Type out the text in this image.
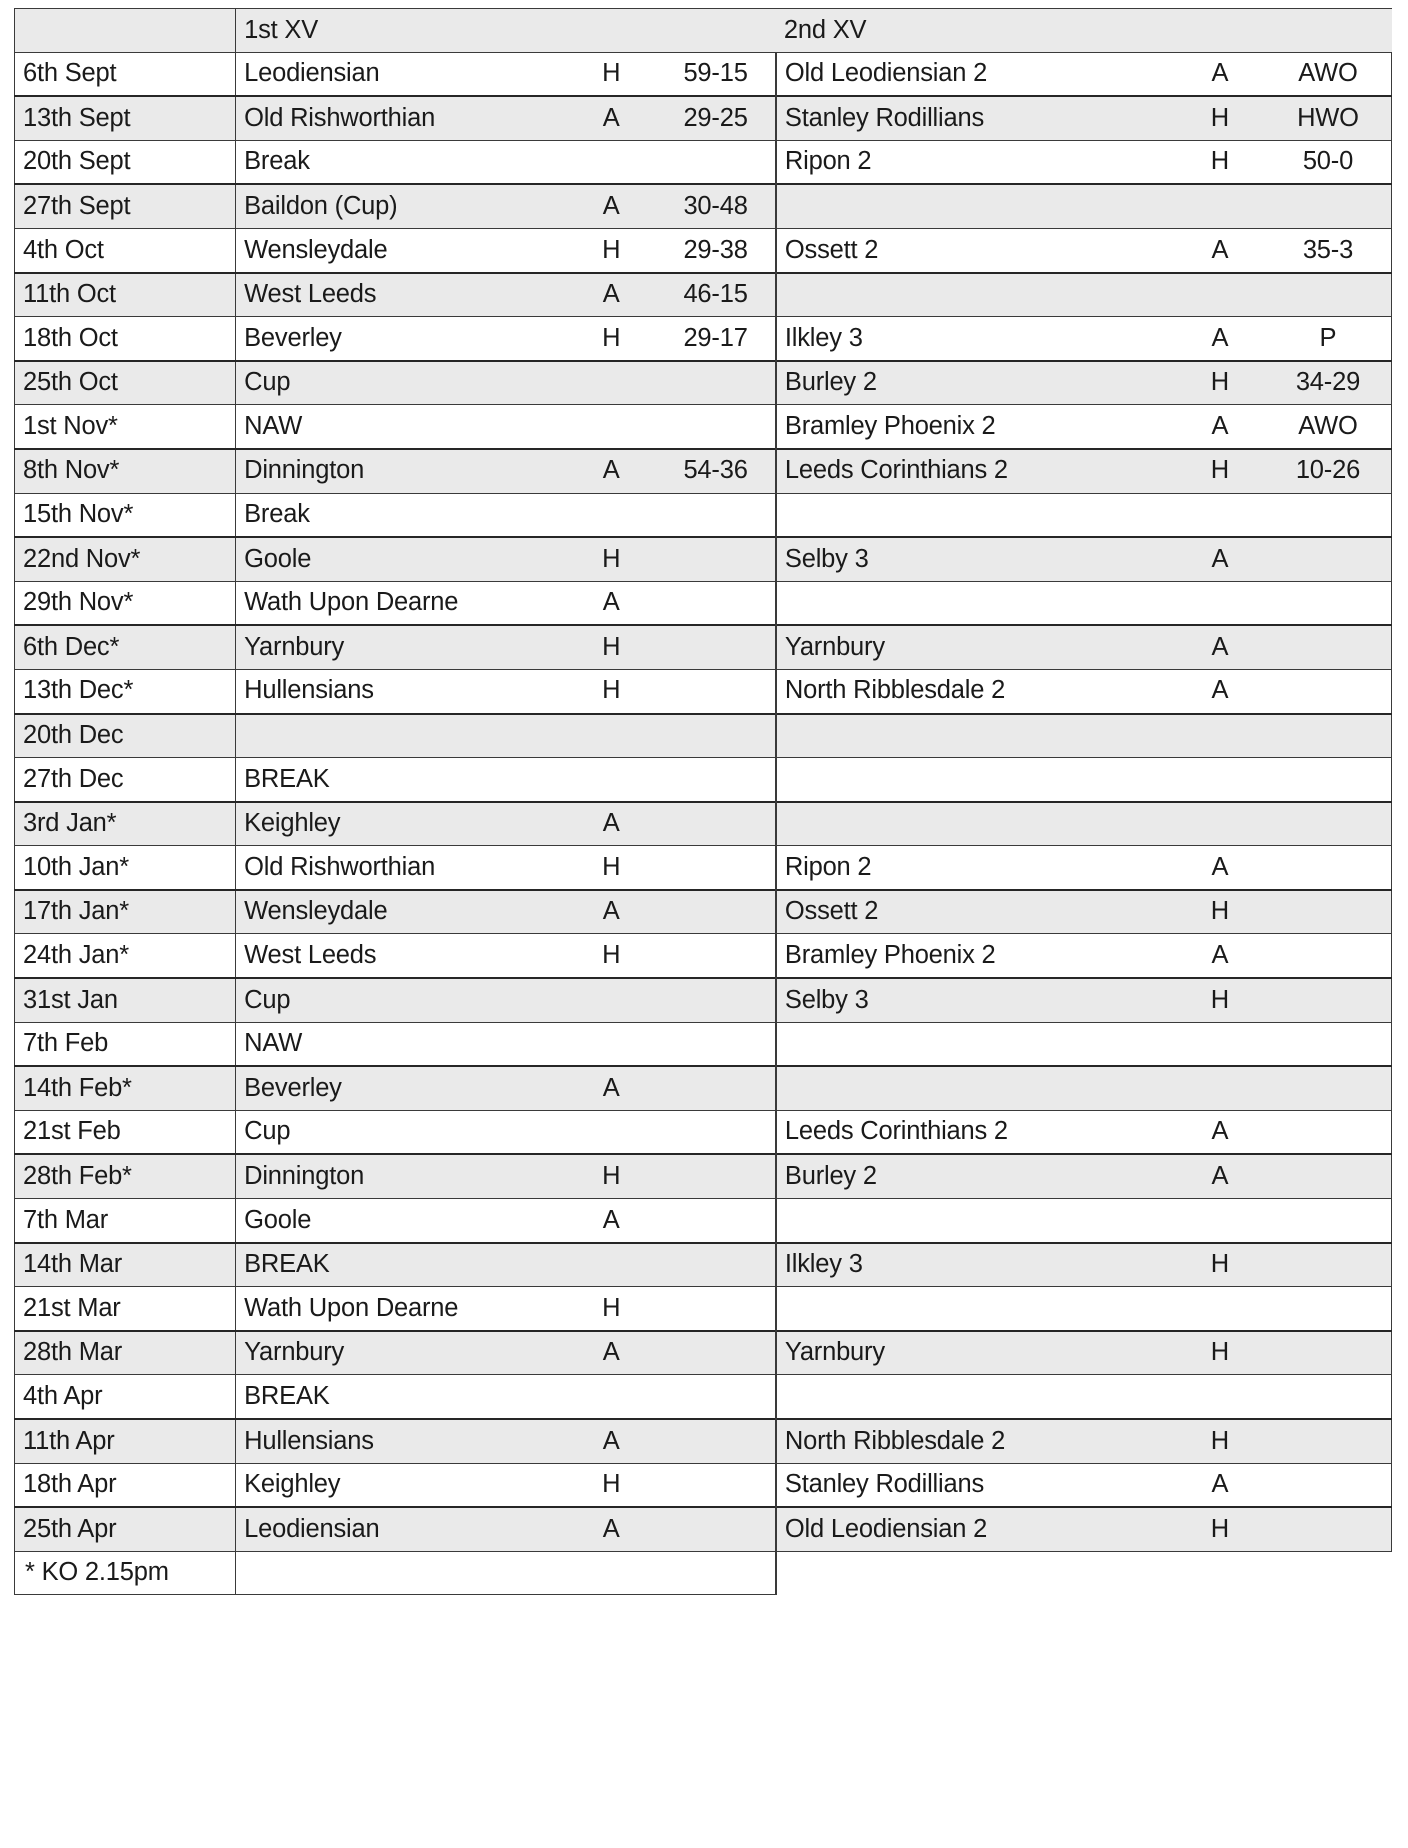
	1st XV			2nd XV		
6th Sept	Leodiensian	H	59-15	Old Leodiensian 2	A	AWO
13th Sept	Old Rishworthian	A	29-25	Stanley Rodillians	H	HWO
20th Sept	Break			Ripon 2	H	50-0
27th Sept	Baildon (Cup)	A	30-48			
4th Oct	Wensleydale	H	29-38	Ossett 2	A	35-3
11th Oct	West Leeds	A	46-15			
18th Oct	Beverley	H	29-17	Ilkley 3	A	P
25th Oct	Cup			Burley 2	H	34-29
1st Nov*	NAW			Bramley Phoenix 2	A	AWO
8th Nov*	Dinnington	A	54-36	Leeds Corinthians 2	H	10-26
15th Nov*	Break					
22nd Nov*	Goole	H		Selby 3	A	
29th Nov*	Wath Upon Dearne	A				
6th Dec*	Yarnbury	H		Yarnbury	A	
13th Dec*	Hullensians	H		North Ribblesdale 2	A	
20th Dec						
27th Dec	BREAK					
3rd Jan*	Keighley	A				
10th Jan*	Old Rishworthian	H		Ripon 2	A	
17th Jan*	Wensleydale	A		Ossett 2	H	
24th Jan*	West Leeds	H		Bramley Phoenix 2	A	
31st Jan	Cup			Selby 3	H	
7th Feb	NAW					
14th Feb*	Beverley	A				
21st Feb	Cup			Leeds Corinthians 2	A	
28th Feb*	Dinnington	H		Burley 2	A	
7th Mar	Goole	A				
14th Mar	BREAK			Ilkley 3	H	
21st Mar	Wath Upon Dearne	H				
28th Mar	Yarnbury	A		Yarnbury	H	
4th Apr	BREAK					
11th Apr	Hullensians	A		North Ribblesdale 2	H	
18th Apr	Keighley	H		Stanley Rodillians	A	
25th Apr	Leodiensian	A		Old Leodiensian 2	H	
* KO 2.15pm						
